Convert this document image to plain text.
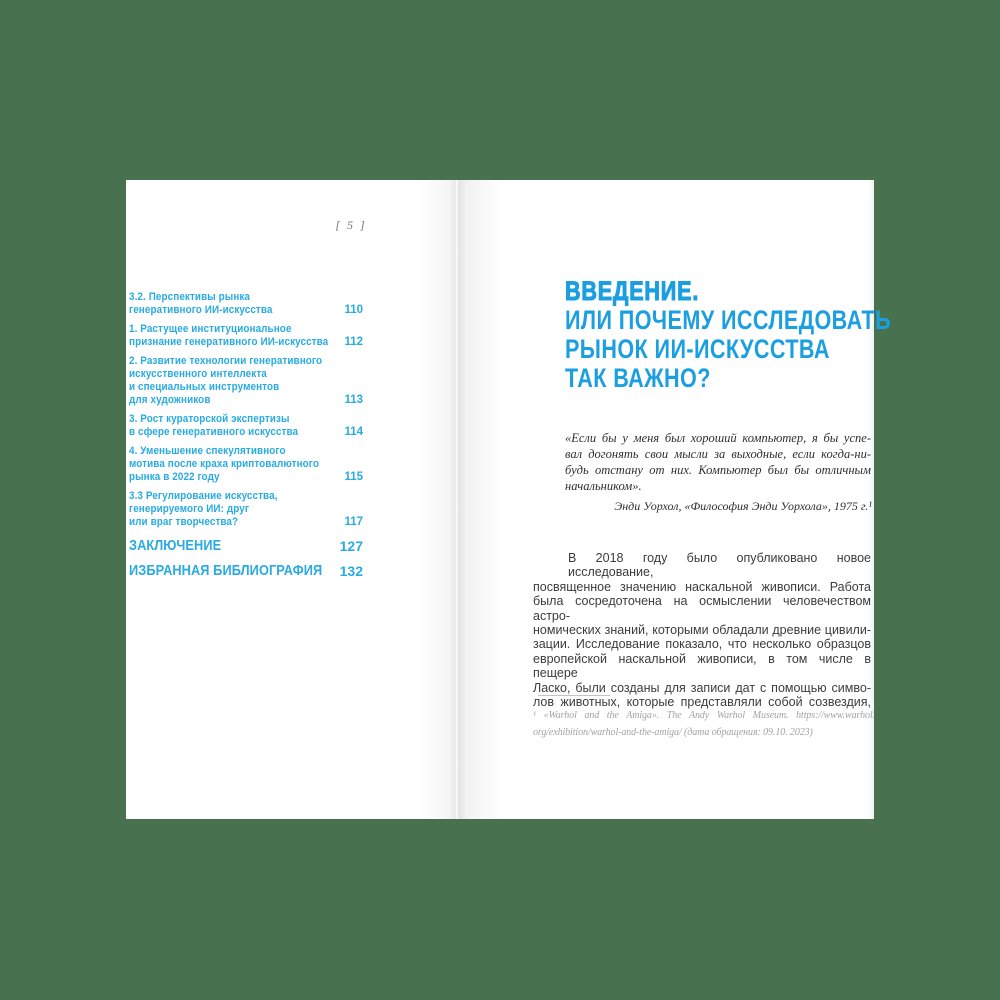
[ 5 ]
3.2. Перспективы рынка
генеративного ИИ-искусства	110
1. Растущее институциональное
признание генеративного ИИ-искусства	112
2. Развитие технологии генеративного
искусственного интеллекта
и специальных инструментов
для художников	113
3. Рост кураторской экспертизы
в сфере генеративного искусства	114
4. Уменьшение спекулятивного
мотива после краха криптовалютного
рынка в 2022 году	115
3.3 Регулирование искусства,
генерируемого ИИ: друг
или враг творчества?	117
ЗАКЛЮЧЕНИЕ	127
ИЗБРАННАЯ БИБЛИОГРАФИЯ	132
ВВЕДЕНИЕ.
ИЛИ ПОЧЕМУ ИССЛЕДОВАТЬ
РЫНОК ИИ-ИСКУССТВА
ТАК ВАЖНО?
«Если бы у меня был хороший компьютер, я бы успе-
вал догонять свои мысли за выходные, если когда-ни-
будь отстану от них. Компьютер был бы отличным
начальником».
Энди Уорхол, «Философия Энди Уорхола», 1975 г.¹
В 2018 году было опубликовано новое исследование,
посвященное значению наскальной живописи. Работа
была сосредоточена на осмыслении человечеством астро-
номических знаний, которыми обладали древние цивили-
зации. Исследование показало, что несколько образцов
европейской наскальной живописи, в том числе в пещере
Ласко, были созданы для записи дат с помощью симво-
лов животных, которые представляли собой созвездия,
¹ «Warhol and the Amiga». The Andy Warhol Museum. https://www.warhol.
org/exhibition/warhol-and-the-amiga/ (дата обращения: 09.10. 2023)
